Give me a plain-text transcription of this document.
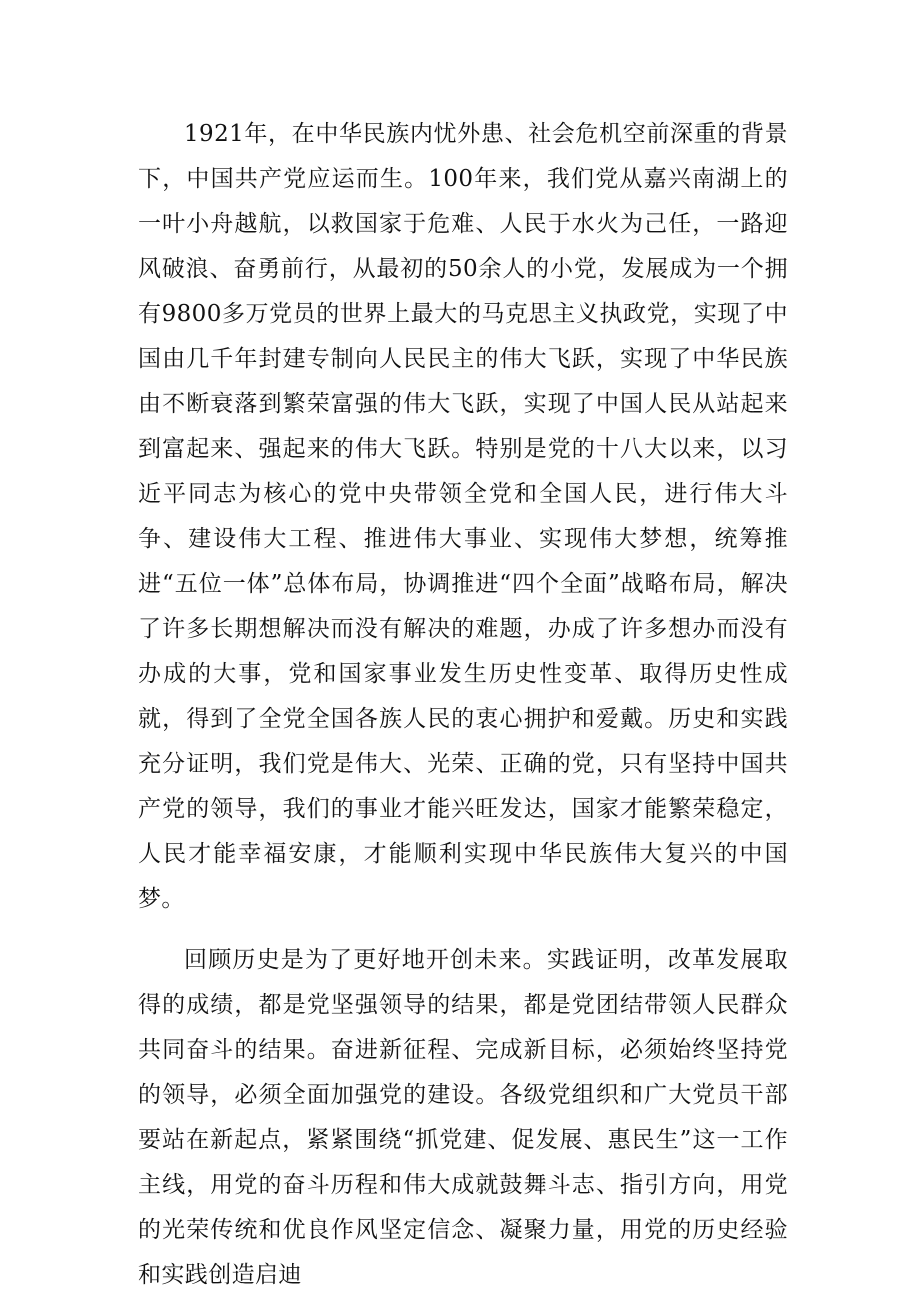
1921年，在中华民族内忧外患、社会危机空前深重的背景下，中国共产党应运而生。100年来，我们党从嘉兴南湖上的一叶小舟越航，以救国家于危难、人民于水火为己任，一路迎风破浪、奋勇前行，从最初的50余人的小党，发展成为一个拥有9800多万党员的世界上最大的马克思主义执政党，实现了中国由几千年封建专制向人民民主的伟大飞跃，实现了中华民族由不断衰落到繁荣富强的伟大飞跃，实现了中国人民从站起来到富起来、强起来的伟大飞跃。特别是党的十八大以来，以习近平同志为核心的党中央带领全党和全国人民，进行伟大斗争、建设伟大工程、推进伟大事业、实现伟大梦想，统筹推进“五位一体”总体布局，协调推进“四个全面”战略布局，解决了许多长期想解决而没有解决的难题，办成了许多想办而没有办成的大事，党和国家事业发生历史性变革、取得历史性成就，得到了全党全国各族人民的衷心拥护和爱戴。历史和实践充分证明，我们党是伟大、光荣、正确的党，只有坚持中国共产党的领导，我们的事业才能兴旺发达，国家才能繁荣稳定，人民才能幸福安康，才能顺利实现中华民族伟大复兴的中国梦。

回顾历史是为了更好地开创未来。实践证明，改革发展取得的成绩，都是党坚强领导的结果，都是党团结带领人民群众共同奋斗的结果。奋进新征程、完成新目标，必须始终坚持党的领导，必须全面加强党的建设。各级党组织和广大党员干部要站在新起点，紧紧围绕“抓党建、促发展、惠民生”这一工作主线，用党的奋斗历程和伟大成就鼓舞斗志、指引方向，用党的光荣传统和优良作风坚定信念、凝聚力量，用党的历史经验和实践创造启迪
